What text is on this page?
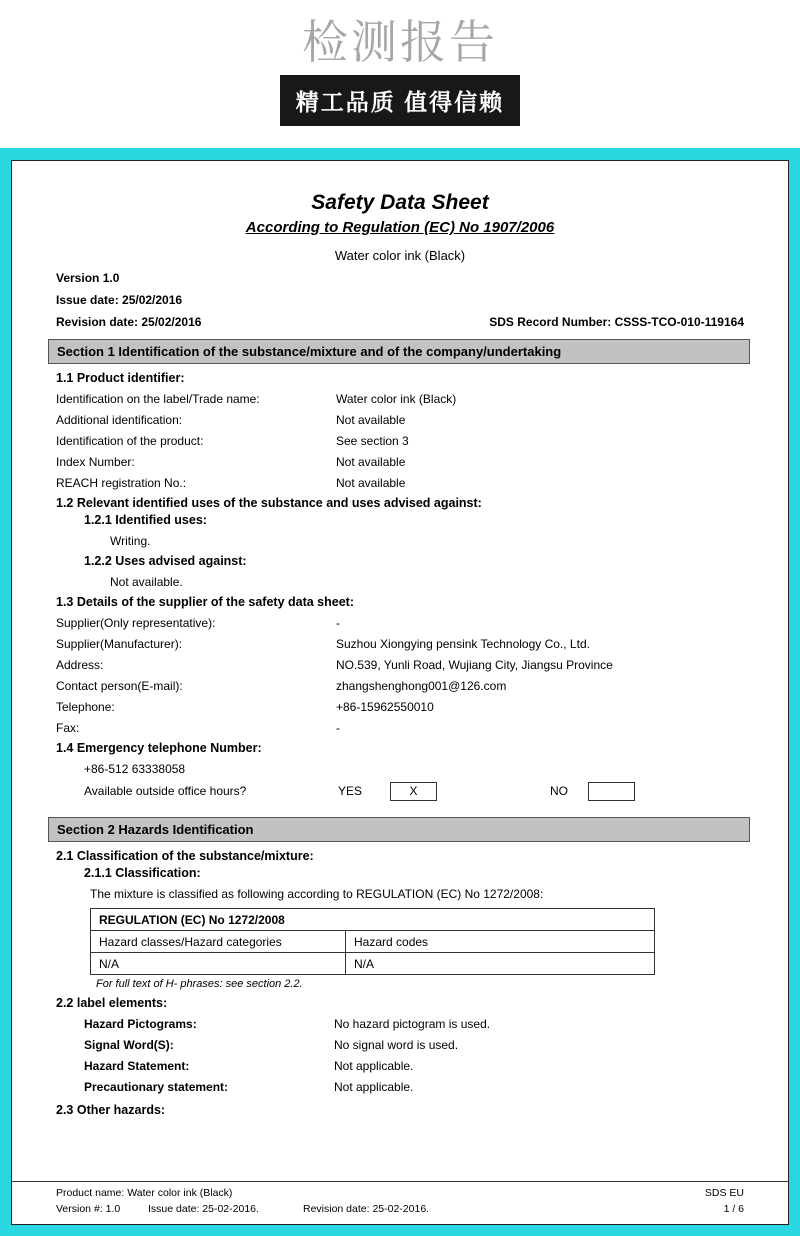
检测报告
精工品质 值得信赖
Safety Data Sheet
According to Regulation (EC) No 1907/2006
Water color ink (Black)
Version 1.0
Issue date: 25/02/2016
Revision date: 25/02/2016	SDS Record Number: CSSS-TCO-010-119164
Section 1 Identification of the substance/mixture and of the company/undertaking
1.1 Product identifier:
Identification on the label/Trade name:	Water color ink (Black)
Additional identification:	Not available
Identification of the product:	See section 3
Index Number:	Not available
REACH registration No.:	Not available
1.2 Relevant identified uses of the substance and uses advised against:
1.2.1 Identified uses:
Writing.
1.2.2 Uses advised against:
Not available.
1.3 Details of the supplier of the safety data sheet:
Supplier(Only representative):	-
Supplier(Manufacturer):	Suzhou Xiongying pensink Technology Co., Ltd.
Address:	NO.539, Yunli Road, Wujiang City, Jiangsu Province
Contact person(E-mail):	zhangshenghong001@126.com
Telephone:	+86-15962550010
Fax:	-
1.4 Emergency telephone Number:
+86-512 63338058
Available outside office hours?	YES	X	NO
Section 2 Hazards Identification
2.1 Classification of the substance/mixture:
2.1.1 Classification:
The mixture is classified as following according to REGULATION (EC) No 1272/2008:
REGULATION (EC) No 1272/2008	
Hazard classes/Hazard categories	Hazard codes
N/A	N/A
For full text of H- phrases: see section 2.2.
2.2 label elements:
Hazard Pictograms:	No hazard pictogram is used.
Signal Word(S):	No signal word is used.
Hazard Statement:	Not applicable.
Precautionary statement:	Not applicable.
2.3 Other hazards:
Product name: Water color ink (Black)	SDS EU
Version #: 1.0	Issue date: 25-02-2016.	Revision date: 25-02-2016.	1 / 6
